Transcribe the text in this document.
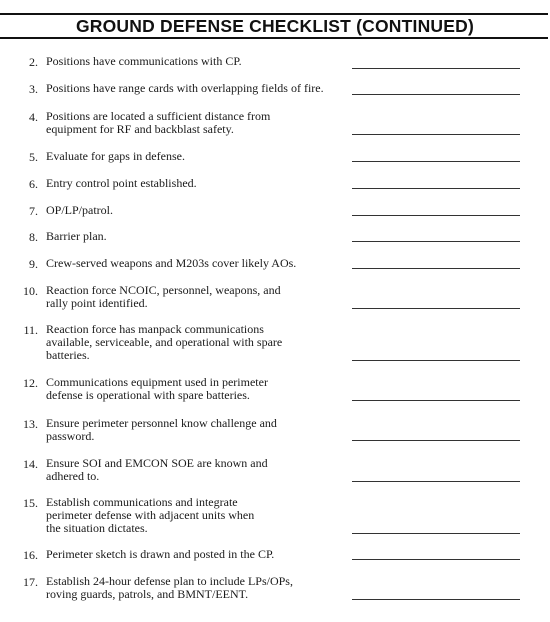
GROUND DEFENSE CHECKLIST (CONTINUED)
2. Positions have communications with CP.
3. Positions have range cards with overlapping fields of fire.
4. Positions are located a sufficient distance from
equipment for RF and backblast safety.
5. Evaluate for gaps in defense.
6. Entry control point established.
7. OP/LP/patrol.
8. Barrier plan.
9. Crew-served weapons and M203s cover likely AOs.
10. Reaction force NCOIC, personnel, weapons, and
rally point identified.
11. Reaction force has manpack communications
available, serviceable, and operational with spare
batteries.
12. Communications equipment used in perimeter
defense is operational with spare batteries.
13. Ensure perimeter personnel know challenge and
password.
14. Ensure SOI and EMCON SOE are known and
adhered to.
15. Establish communications and integrate
perimeter defense with adjacent units when
the situation dictates.
16. Perimeter sketch is drawn and posted in the CP.
17. Establish 24-hour defense plan to include LPs/OPs,
roving guards, patrols, and BMNT/EENT.
